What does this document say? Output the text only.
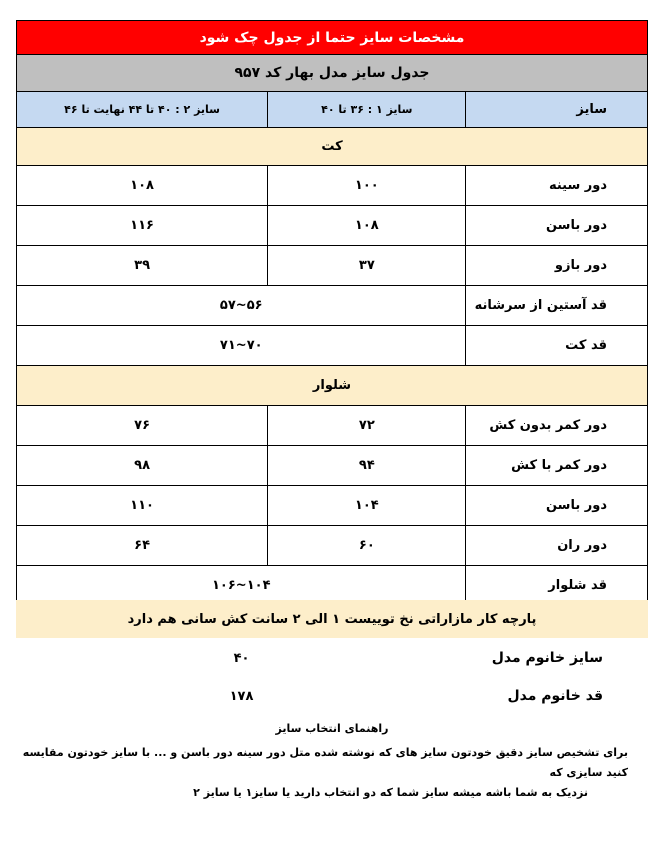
مشخصات سایز حتما از جدول چک شود
جدول سایز مدل بهار کد ۹۵۷
سایز
سایز ۱ : ۳۶ تا ۴۰
سایز ۲ : ۴۰ تا ۴۴ نهایت تا ۴۶
کت
دور سینه
۱۰۰
۱۰۸
دور باسن
۱۰۸
۱۱۶
دور بازو
۳۷
۳۹
قد آستین از سرشانه
۵۶~۵۷
قد کت
۷۰~۷۱
شلوار
دور کمر بدون کش
۷۲
۷۶
دور کمر با کش
۹۴
۹۸
دور باسن
۱۰۴
۱۱۰
دور ران
۶۰
۶۴
قد شلوار
۱۰۴~۱۰۶
پارچه کار مازاراتی نخ توییست ۱ الی ۲ سانت کش سانی هم دارد
سایز خانوم مدل
۴۰
قد خانوم مدل
۱۷۸
راهنمای انتخاب سایز
برای تشخیص سایز دقیق خودتون سایز های که نوشته شده متل دور سینه دور باسن و ... با سایز خودتون مقایسه کنید سایزی که
نزدیک به شما باشه میشه سایز شما که دو انتخاب دارید یا سایز۱ یا سایز ۲
